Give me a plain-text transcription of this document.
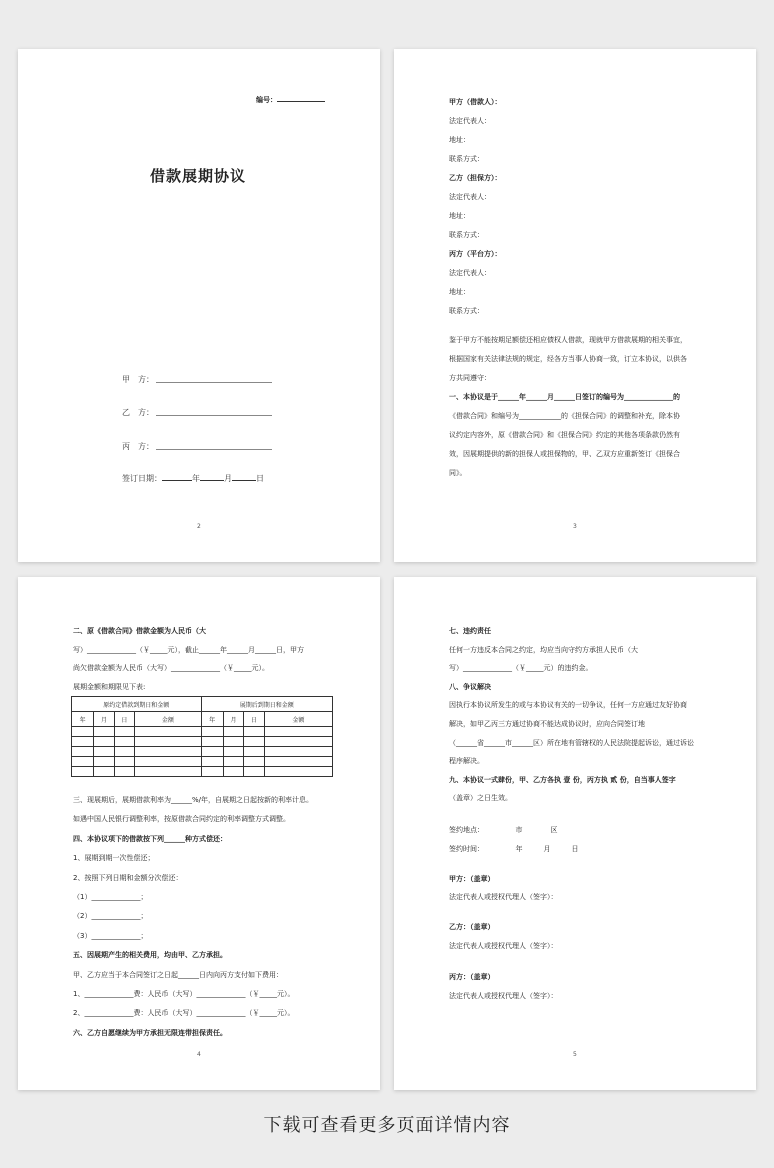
编号：
借款展期协议
甲　方：
乙　方：
丙　方：
签订日期：	年	月	日
2
甲方（借款人）：
法定代表人：
地址：
联系方式：
乙方（担保方）：
法定代表人：
地址：
联系方式：
丙方（平台方）：
法定代表人：
地址：
联系方式：
鉴于甲方不能按期足额偿还相应债权人借款，现就甲方借款展期的相关事宜，
根据国家有关法律法规的规定，经各方当事人协商一致，订立本协议，以供各
方共同遵守：
一、本协议是于______年______月______日签订的编号为______________的
《借款合同》和编号为____________的《担保合同》的调整和补充，除本协
议约定内容外，原《借款合同》和《担保合同》约定的其他各项条款仍然有
效，因展期提供的新的担保人或担保物的，甲、乙双方应重新签订《担保合
同》。
3
二、原《借款合同》借款金额为人民币（大
写）______________（￥_____元），截止______年______月______日，甲方
尚欠借款金额为人民币（大写）______________（￥_____元）。
展期金额和期限见下表:
原约定借款到期日和金额				展期后到期日和金额			
年	月	日	金额	年	月	日	金额

三、现展期后，展期借款利率为______%/年，自展期之日起按新的利率计息。
如遇中国人民银行调整利率，按原借款合同约定的利率调整方式调整。
四、本协议项下的借款按下列______种方式偿还：
1、展期到期一次性偿还；
2、按照下列日期和金额分次偿还：
（1）______________；
（2）______________；
（3）______________；
五、因展期产生的相关费用，均由甲、乙方承担。
甲、乙方应当于本合同签订之日起______日内向丙方支付如下费用：
1、______________费：人民币（大写）______________（￥_____元）。
2、______________费：人民币（大写）______________（￥_____元）。
六、乙方自愿继续为甲方承担无限连带担保责任。
4
七、违约责任
任何一方违反本合同之约定，均应当向守约方承担人民币（大
写）______________（￥_____元）的违约金。
八、争议解决
因执行本协议所发生的或与本协议有关的一切争议，任何一方应通过友好协商
解决，如甲乙丙三方通过协商不能达成协议时，应向合同签订地
（______省______市______区）所在地有管辖权的人民法院提起诉讼，通过诉讼
程序解决。
九、本协议一式肆份，甲、乙方各执 壹 份，丙方执 贰 份，自当事人签字
（盖章）之日生效。
签约地点：　　　　　市　　　　区
签约时间：　　　　　年　　　月　　　日
甲方：（盖章）
法定代表人或授权代理人（签字）：
乙方：（盖章）
法定代表人或授权代理人（签字）：
丙方：（盖章）
法定代表人或授权代理人（签字）：
5
下载可查看更多页面详情内容
